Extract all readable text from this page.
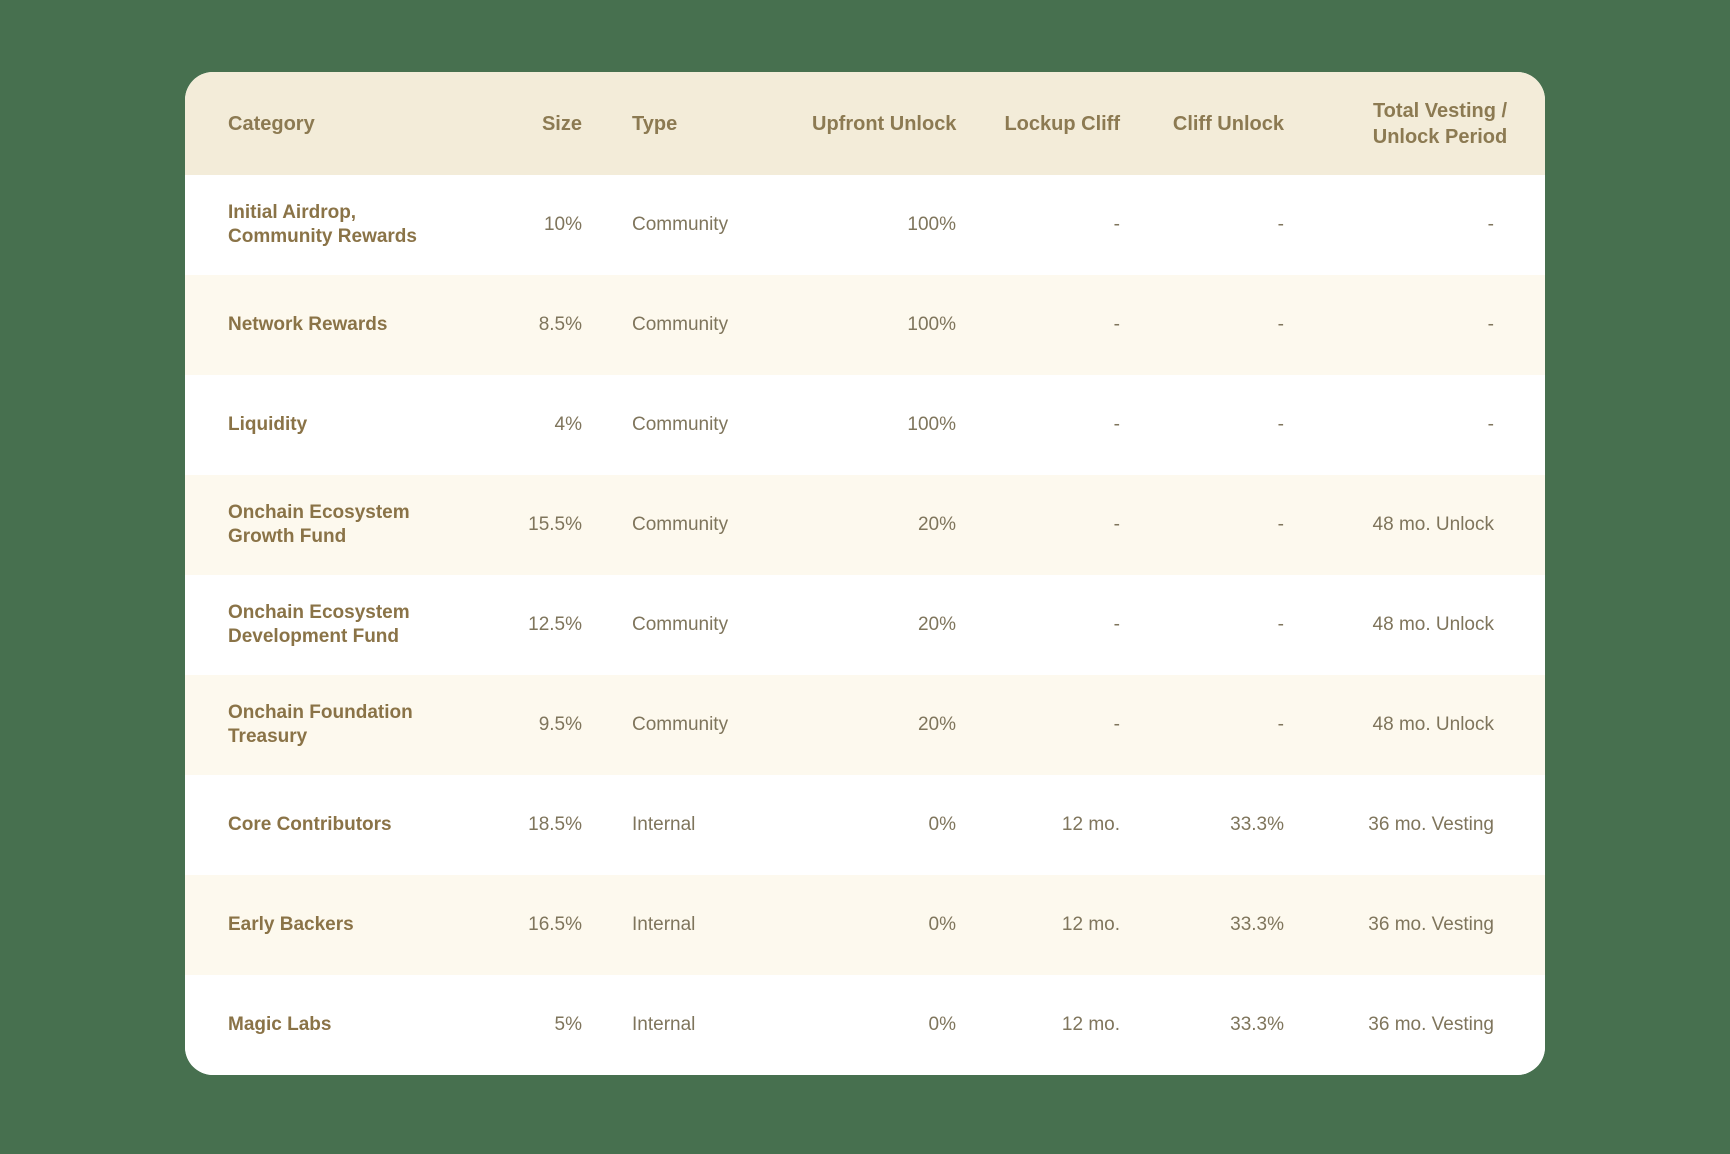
Category	Size	Type	Upfront Unlock	Lockup Cliff	Cliff Unlock	Total Vesting / Unlock Period

Initial Airdrop, Community Rewards	10%	Community	100%	-	-	-

Network Rewards	8.5%	Community	100%	-	-	-

Liquidity	4%	Community	100%	-	-	-

Onchain Ecosystem Growth Fund	15.5%	Community	20%	-	-	48 mo. Unlock

Onchain Ecosystem Development Fund	12.5%	Community	20%	-	-	48 mo. Unlock

Onchain Foundation Treasury	9.5%	Community	20%	-	-	48 mo. Unlock

Core Contributors	18.5%	Internal	0%	12 mo.	33.3%	36 mo. Vesting

Early Backers	16.5%	Internal	0%	12 mo.	33.3%	36 mo. Vesting

Magic Labs	5%	Internal	0%	12 mo.	33.3%	36 mo. Vesting
